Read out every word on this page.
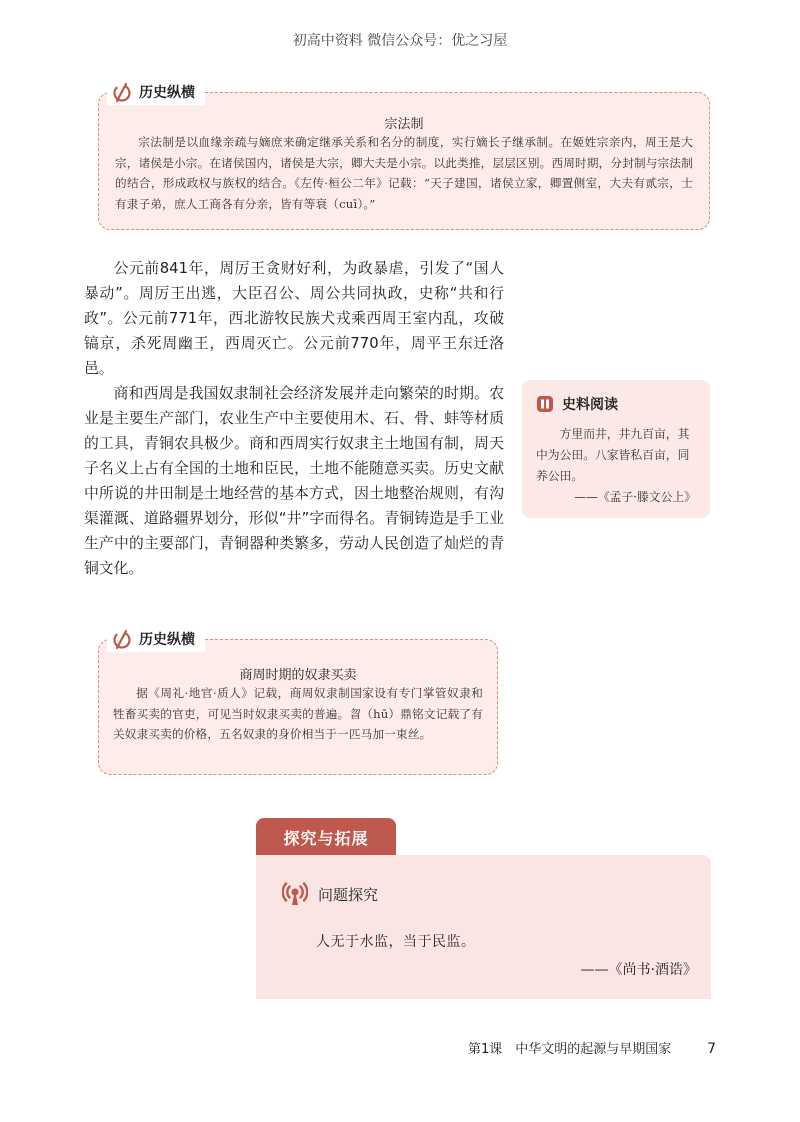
初高中资料 微信公众号：优之习屋
历史纵横
宗法制

宗法制是以血缘亲疏与嫡庶来确定继承关系和名分的制度，实行嫡长子继承制。在姬姓宗亲内，周王是大宗，诸侯是小宗。在诸侯国内，诸侯是大宗，卿大夫是小宗。以此类推，层层区别。西周时期，分封制与宗法制的结合，形成政权与族权的结合。《左传·桓公二年》记载：“天子建国，诸侯立家，卿置侧室，大夫有贰宗，士有隶子弟，庶人工商各有分亲，皆有等衰（cuī）。”

公元前841年，周厉王贪财好利，为政暴虐，引发了“国人暴动”。周厉王出逃，大臣召公、周公共同执政，史称“共和行政”。公元前771年，西北游牧民族犬戎乘西周王室内乱，攻破镐京，杀死周幽王，西周灭亡。公元前770年，周平王东迁洛邑。

商和西周是我国奴隶制社会经济发展并走向繁荣的时期。农业是主要生产部门，农业生产中主要使用木、石、骨、蚌等材质的工具，青铜农具极少。商和西周实行奴隶主土地国有制，周天子名义上占有全国的土地和臣民，土地不能随意买卖。历史文献中所说的井田制是土地经营的基本方式，因土地整治规则，有沟渠灌溉、道路疆界划分，形似“井”字而得名。青铜铸造是手工业生产中的主要部门，青铜器种类繁多，劳动人民创造了灿烂的青铜文化。

史料阅读

方里而井，井九百亩，其中为公田。八家皆私百亩，同养公田。

——《孟子·滕文公上》
历史纵横
商周时期的奴隶买卖

据《周礼·地官·质人》记载，商周奴隶制国家设有专门掌管奴隶和牲畜买卖的官吏，可见当时奴隶买卖的普遍。曶（hū）鼎铭文记载了有关奴隶买卖的价格，五名奴隶的身价相当于一匹马加一束丝。

探究与拓展
问题探究
人无于水监，当于民监。
——《尚书·酒诰》
第1课　中华文明的起源与早期国家	7
